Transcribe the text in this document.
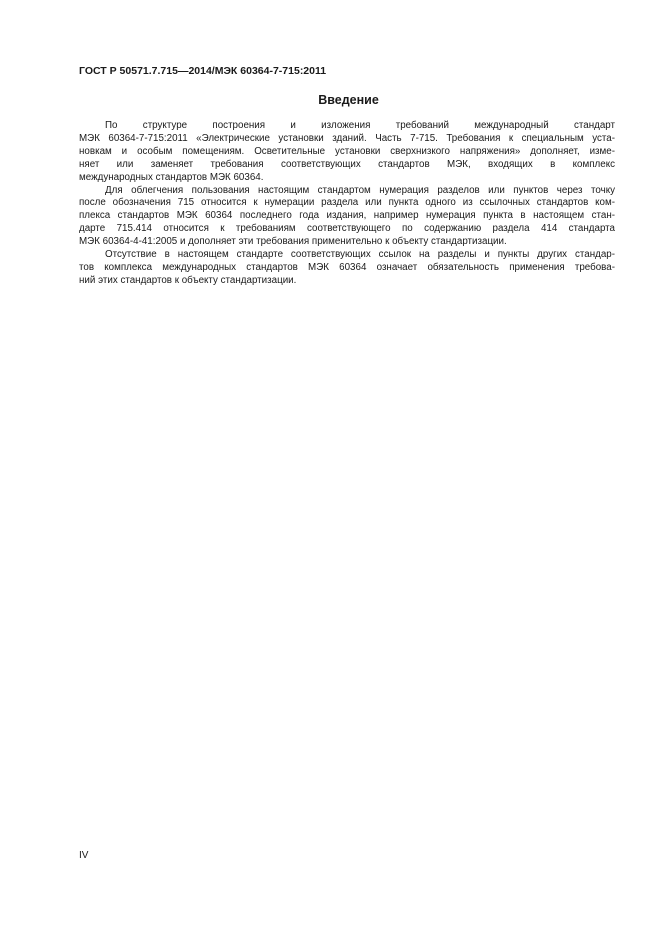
ГОСТ Р 50571.7.715—2014/МЭК 60364-7-715:2011
Введение
По структуре построения и изложения требований международный стандарт
МЭК 60364-7-715:2011 «Электрические установки зданий. Часть 7-715. Требования к специальным уста-
новкам и особым помещениям. Осветительные установки сверхнизкого напряжения» дополняет, изме-
няет или заменяет требования соответствующих стандартов МЭК, входящих в комплекс
международных стандартов МЭК 60364.
Для облегчения пользования настоящим стандартом нумерация разделов или пунктов через точку
после обозначения 715 относится к нумерации раздела или пункта одного из ссылочных стандартов ком-
плекса стандартов МЭК 60364 последнего года издания, например нумерация пункта в настоящем стан-
дарте 715.414 относится к требованиям соответствующего по содержанию раздела 414 стандарта
МЭК 60364-4-41:2005 и дополняет эти требования применительно к объекту стандартизации.
Отсутствие в настоящем стандарте соответствующих ссылок на разделы и пункты других стандар-
тов комплекса международных стандартов МЭК 60364 означает обязательность применения требова-
ний этих стандартов к объекту стандартизации.
IV
